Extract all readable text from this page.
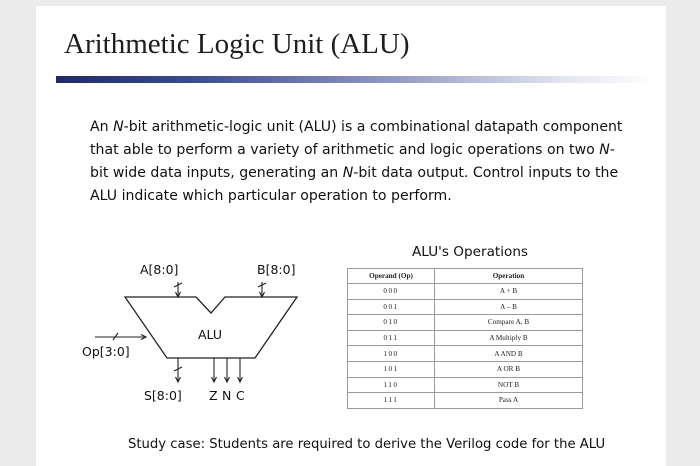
Arithmetic Logic Unit (ALU)

An N-bit arithmetic-logic unit (ALU) is a combinational datapath component that able to perform a variety of arithmetic and logic operations on two N-bit wide data inputs, generating an N-bit data output. Control inputs to the ALU indicate which particular operation to perform.

ALU
A[8:0]	B[8:0]
Op[3:0]
S[8:0] Z N C
ALU's Operations
Operand (Op)	Operation
000	A + B
001	A – B
010	Compare A, B
011	A Multiply B
100	A AND B
101	A OR B
110	NOT B
111	Pass A

Study case: Students are required to derive the Verilog code for the ALU
